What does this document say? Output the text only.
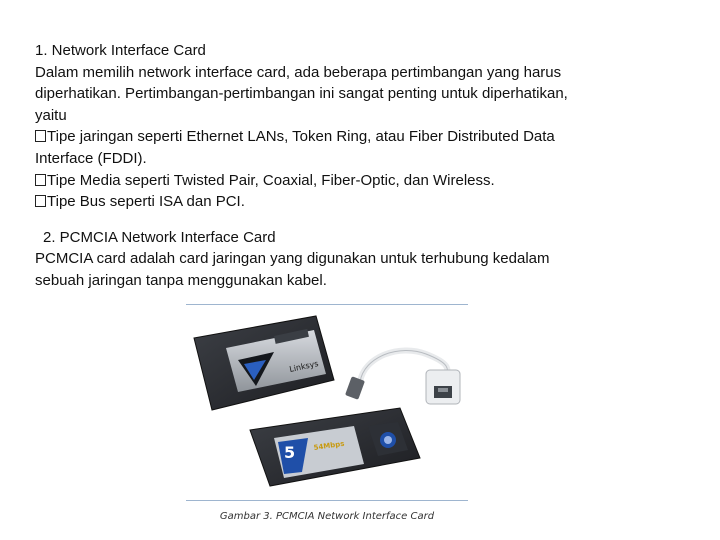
1. Network Interface Card
Dalam memilih network interface card, ada beberapa pertimbangan yang harus
diperhatikan. Pertimbangan-pertimbangan ini sangat penting untuk diperhatikan,
yaitu
Tipe jaringan seperti Ethernet LANs, Token Ring, atau Fiber Distributed Data
Interface (FDDI).
Tipe Media seperti Twisted Pair, Coaxial, Fiber-Optic, dan Wireless.
Tipe Bus seperti ISA dan PCI.
2. PCMCIA Network Interface Card
PCMCIA card adalah card jaringan yang digunakan untuk terhubung kedalam
sebuah jaringan tanpa menggunakan kabel.
Linksys
5	54Mbps
Gambar 3. PCMCIA Network Interface Card
